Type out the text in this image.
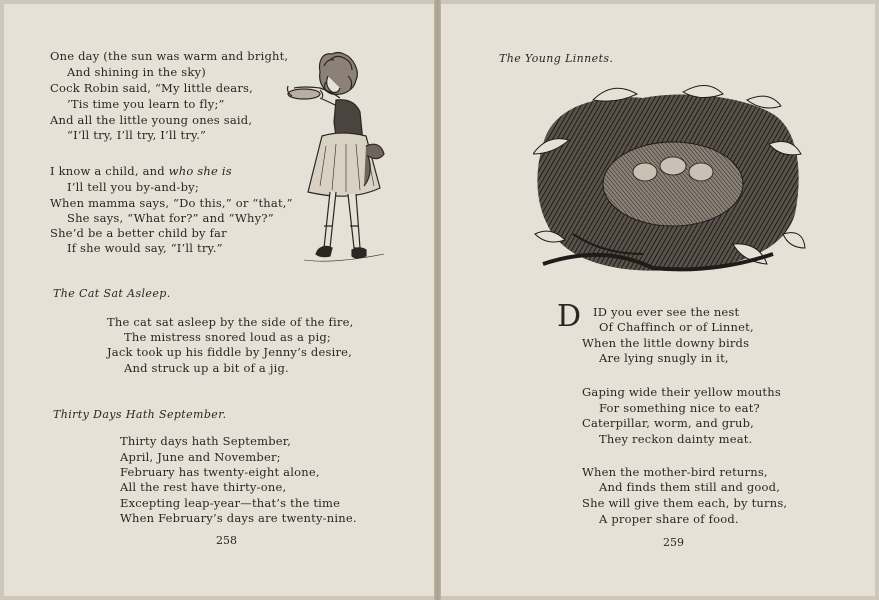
One day (the sun was warm and bright,
And shining in the sky)
Cock Robin said, “My little dears,
’Tis time you learn to fly;”
And all the little young ones said,
“I’ll try, I’ll try, I’ll try.”
I know a child, and who she is
I’ll tell you by-and-by;
When mamma says, “Do this,” or “that,”
She says, “What for?” and “Why?”
She’d be a better child by far
If she would say, “I’ll try.”
The Cat Sat Asleep.
The cat sat asleep by the side of the fire,
The mistress snored loud as a pig;
Jack took up his fiddle by Jenny’s desire,
And struck up a bit of a jig.
Thirty Days Hath September.
Thirty days hath September,
April, June and November;
February has twenty-eight alone,
All the rest have thirty-one,
Excepting leap-year—that’s the time
When February’s days are twenty-nine.
258
The Young Linnets.
D ID you ever see the nest
Of Chaffinch or of Linnet,
When the little downy birds
Are lying snugly in it,
Gaping wide their yellow mouths
For something nice to eat?
Caterpillar, worm, and grub,
They reckon dainty meat.
When the mother-bird returns,
And finds them still and good,
She will give them each, by turns,
A proper share of food.
259
